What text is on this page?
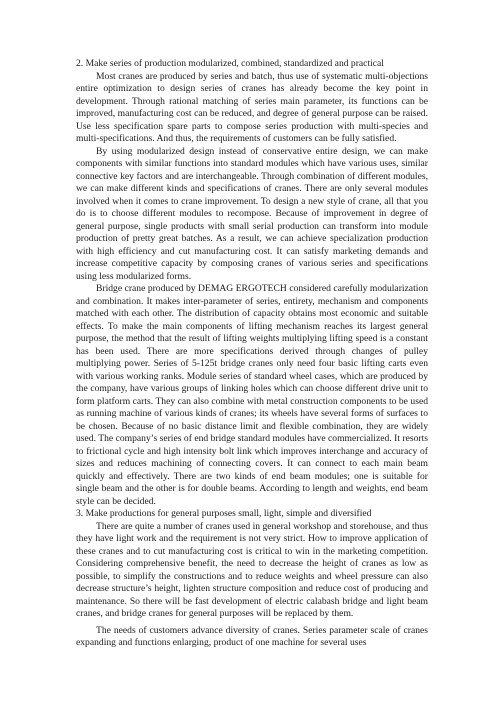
2. Make series of production modularized, combined, standardized and practical

Most cranes are produced by series and batch, thus use of systematic multi-objections entire optimization to design series of cranes has already become the key point in development. Through rational matching of series main parameter, its functions can be improved, manufacturing cost can be reduced, and degree of general purpose can be raised. Use less specification spare parts to compose series production with multi-species and multi-specifications. And thus, the requirements of customers can be fully satisfied.

By using modularized design instead of conservative entire design, we can make components with similar functions into standard modules which have various uses, similar connective key factors and are interchangeable. Through combination of different modules, we can make different kinds and specifications of cranes. There are only several modules involved when it comes to crane improvement. To design a new style of crane, all that you do is to choose different modules to recompose. Because of improvement in degree of general purpose, single products with small serial production can transform into module production of pretty great batches. As a result, we can achieve specialization production with high efficiency and cut manufacturing cost. It can satisfy marketing demands and increase competitive capacity by composing cranes of various series and specifications using less modularized forms.

Bridge crane produced by DEMAG ERGOTECH considered carefully modularization and combination. It makes inter-parameter of series, entirety, mechanism and components matched with each other. The distribution of capacity obtains most economic and suitable effects. To make the main components of lifting mechanism reaches its largest general purpose, the method that the result of lifting weights multiplying lifting speed is a constant has been used. There are more specifications derived through changes of pulley multiplying power. Series of 5-125t bridge cranes only need four basic lifting carts even with various working ranks. Module series of standard wheel cases, which are produced by the company, have various groups of linking holes which can choose different drive unit to form platform carts. They can also combine with metal construction components to be used as running machine of various kinds of cranes; its wheels have several forms of surfaces to be chosen. Because of no basic distance limit and flexible combination, they are widely used. The company’s series of end bridge standard modules have commercialized. It resorts to frictional cycle and high intensity bolt link which improves interchange and accuracy of sizes and reduces machining of connecting covers. It can connect to each main beam quickly and effectively. There are two kinds of end beam modules; one is suitable for single beam and the other is for double beams. According to length and weights, end beam style can be decided.

3. Make productions for general purposes small, light, simple and diversified

There are quite a number of cranes used in general workshop and storehouse, and thus they have light work and the requirement is not very strict. How to improve application of these cranes and to cut manufacturing cost is critical to win in the marketing competition. Considering comprehensive benefit, the need to decrease the height of cranes as low as possible, to simplify the constructions and to reduce weights and wheel pressure can also decrease structure’s height, lighten structure composition and reduce cost of producing and maintenance. So there will be fast development of electric calabash bridge and light beam cranes, and bridge cranes for general purposes will be replaced by them.

The needs of customers advance diversity of cranes. Series parameter scale of cranes expanding and functions enlarging, product of one machine for several uses
